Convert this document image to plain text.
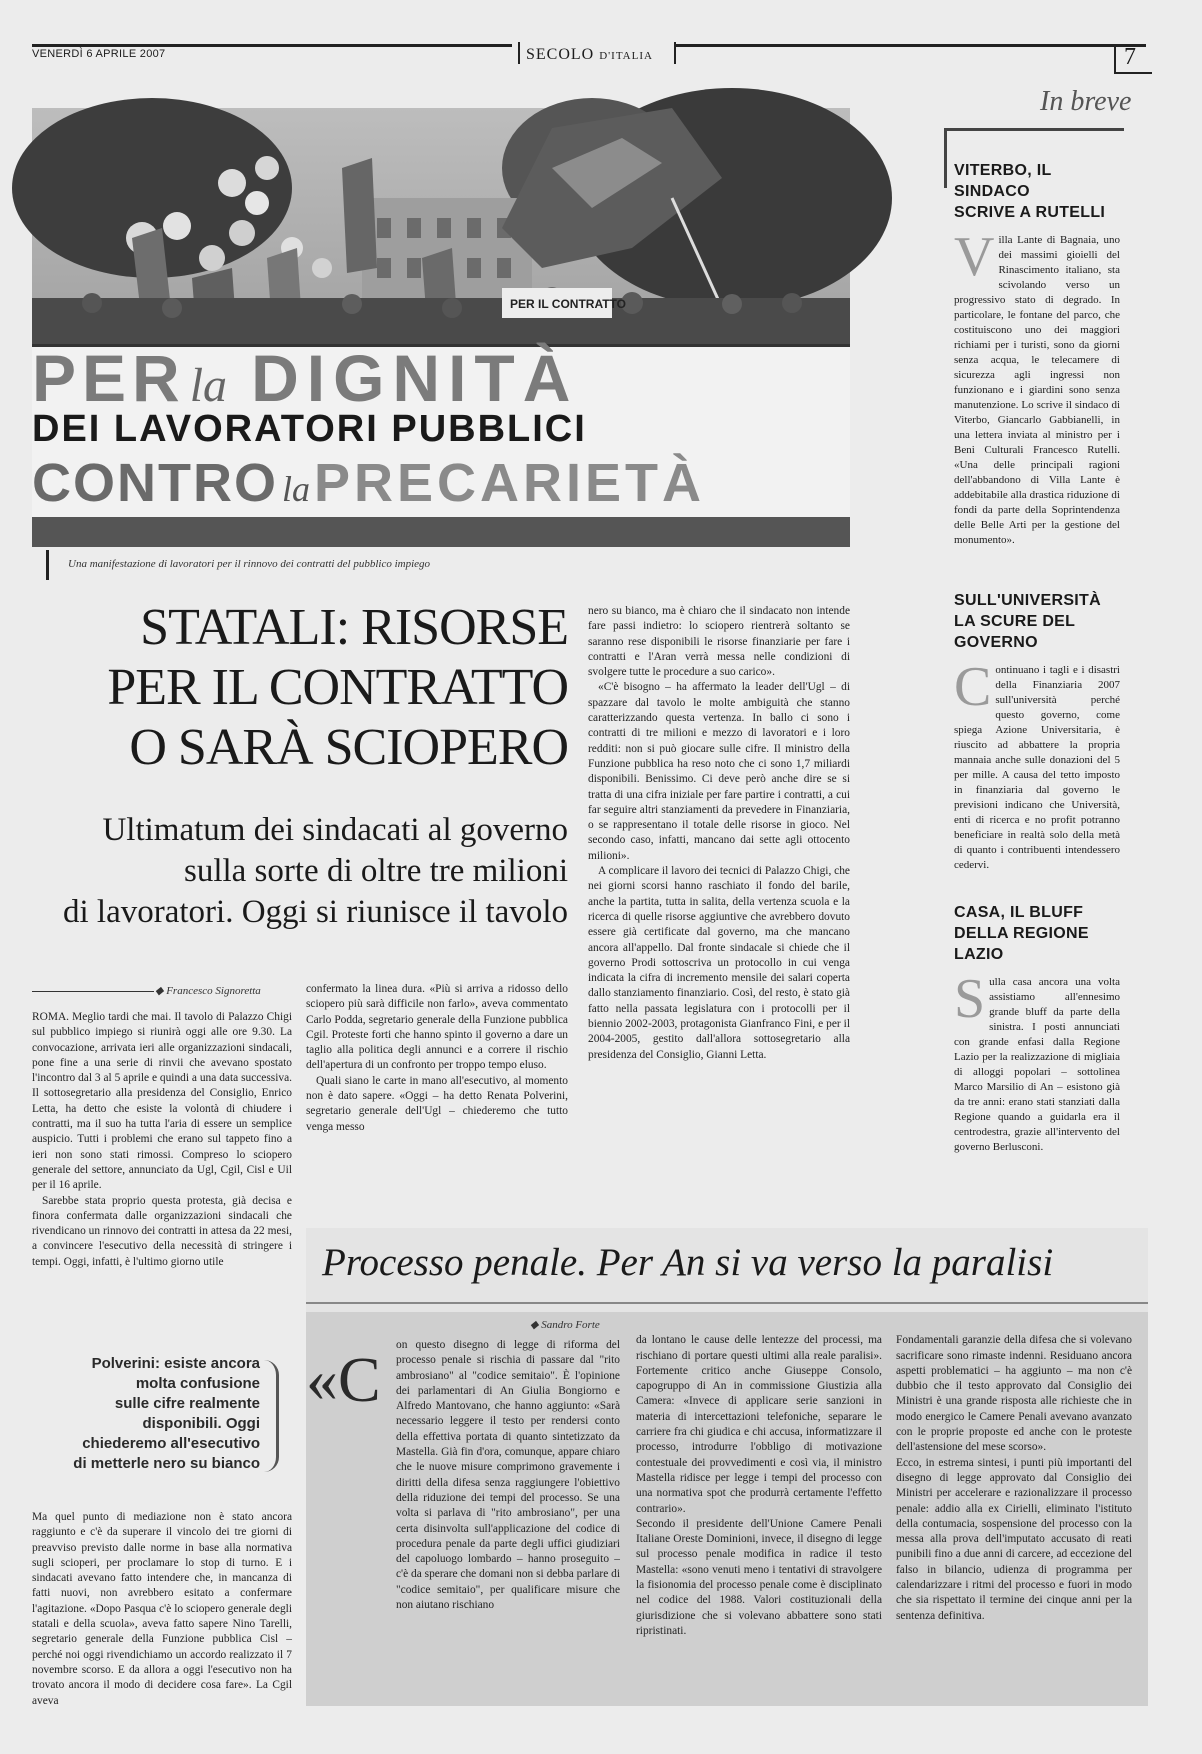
VENERDÌ 6 APRILE 2007	SECOLO D'ITALIA	7
PER IL CONTRATTO
PER la DIGNITÀ
DEI LAVORATORI PUBBLICI
CONTRO la PRECARIETÀ
Una manifestazione di lavoratori per il rinnovo dei contratti del pubblico impiego
STATALI: RISORSE
PER IL CONTRATTO
O SARÀ SCIOPERO
Ultimatum dei sindacati al governo
sulla sorte di oltre tre milioni
di lavoratori. Oggi si riunisce il tavolo
◆ Francesco Signoretta

ROMA. Meglio tardi che mai. Il tavolo di Palazzo Chigi sul pubblico impiego si riunirà oggi alle ore 9.30. La convocazione, arrivata ieri alle organizzazioni sindacali, pone fine a una serie di rinvii che avevano spostato l'incontro dal 3 al 5 aprile e quindi a una data successiva. Il sottosegretario alla presidenza del Consiglio, Enrico Letta, ha detto che esiste la volontà di chiudere i contratti, ma il suo ha tutta l'aria di essere un semplice auspicio. Tutti i problemi che erano sul tappeto fino a ieri non sono stati rimossi. Compreso lo sciopero generale del settore, annunciato da Ugl, Cgil, Cisl e Uil per il 16 aprile.

Sarebbe stata proprio questa protesta, già decisa e finora confermata dalle organizzazioni sindacali che rivendicano un rinnovo dei contratti in attesa da 22 mesi, a convincere l'esecutivo della necessità di stringere i tempi. Oggi, infatti, è l'ultimo giorno utile

confermato la linea dura. «Più si arriva a ridosso dello sciopero più sarà difficile non farlo», aveva commentato Carlo Podda, segretario generale della Funzione pubblica Cgil. Proteste forti che hanno spinto il governo a dare un taglio alla politica degli annunci e a correre il rischio dell'apertura di un confronto per troppo tempo eluso.

Quali siano le carte in mano all'esecutivo, al momento non è dato sapere. «Oggi – ha detto Renata Polverini, segretario generale dell'Ugl – chiederemo che tutto venga messo

nero su bianco, ma è chiaro che il sindacato non intende fare passi indietro: lo sciopero rientrerà soltanto se saranno rese disponibili le risorse finanziarie per fare i contratti e l'Aran verrà messa nelle condizioni di svolgere tutte le procedure a suo carico».

«C'è bisogno – ha affermato la leader dell'Ugl – di spazzare dal tavolo le molte ambiguità che stanno caratterizzando questa vertenza. In ballo ci sono i contratti di tre milioni e mezzo di lavoratori e i loro redditi: non si può giocare sulle cifre. Il ministro della Funzione pubblica ha reso noto che ci sono 1,7 miliardi disponibili. Benissimo. Ci deve però anche dire se si tratta di una cifra iniziale per fare partire i contratti, a cui far seguire altri stanziamenti da prevedere in Finanziaria, o se rappresentano il totale delle risorse in gioco. Nel secondo caso, infatti, mancano dai sette agli ottocento milioni».

A complicare il lavoro dei tecnici di Palazzo Chigi, che nei giorni scorsi hanno raschiato il fondo del barile, anche la partita, tutta in salita, della vertenza scuola e la ricerca di quelle risorse aggiuntive che avrebbero dovuto essere già certificate dal governo, ma che mancano ancora all'appello. Dal fronte sindacale si chiede che il governo Prodi sottoscriva un protocollo in cui venga indicata la cifra di incremento mensile dei salari coperta dallo stanziamento finanziario. Così, del resto, è stato già fatto nella passata legislatura con i protocolli per il biennio 2002-2003, protagonista Gianfranco Fini, e per il 2004-2005, gestito dall'allora sottosegretario alla presidenza del Consiglio, Gianni Letta.

In breve
VITERBO, IL SINDACO
SCRIVE A RUTELLI
Villa Lante di Bagnaia, uno dei massimi gioielli del Rinascimento italiano, sta scivolando verso un progressivo stato di degrado. In particolare, le fontane del parco, che costituiscono uno dei maggiori richiami per i turisti, sono da giorni senza acqua, le telecamere di sicurezza agli ingressi non funzionano e i giardini sono senza manutenzione. Lo scrive il sindaco di Viterbo, Giancarlo Gabbianelli, in una lettera inviata al ministro per i Beni Culturali Francesco Rutelli. «Una delle principali ragioni dell'abbandono di Villa Lante è addebitabile alla drastica riduzione di fondi da parte della Soprintendenza delle Belle Arti per la gestione del monumento».
SULL'UNIVERSITÀ
LA SCURE DEL GOVERNO
Continuano i tagli e i disastri della Finanziaria 2007 sull'università perché questo governo, come spiega Azione Universitaria, è riuscito ad abbattere la propria mannaia anche sulle donazioni del 5 per mille. A causa del tetto imposto in finanziaria dal governo le previsioni indicano che Università, enti di ricerca e no profit potranno beneficiare in realtà solo della metà di quanto i contribuenti intendessero cedervi.
CASA, IL BLUFF
DELLA REGIONE LAZIO
Sulla casa ancora una volta assistiamo all'ennesimo grande bluff da parte della sinistra. I posti annunciati con grande enfasi dalla Regione Lazio per la realizzazione di migliaia di alloggi popolari – sottolinea Marco Marsilio di An – esistono già da tre anni: erano stati stanziati dalla Regione quando a guidarla era il centrodestra, grazie all'intervento del governo Berlusconi.
Polverini: esiste ancora
molta confusione
sulle cifre realmente
disponibili. Oggi
chiederemo all'esecutivo
di metterle nero su bianco

Ma quel punto di mediazione non è stato ancora raggiunto e c'è da superare il vincolo dei tre giorni di preavviso previsto dalle norme in base alla normativa sugli scioperi, per proclamare lo stop di turno. E i sindacati avevano fatto intendere che, in mancanza di fatti nuovi, non avrebbero esitato a confermare l'agitazione. «Dopo Pasqua c'è lo sciopero generale degli statali e della scuola», aveva fatto sapere Nino Tarelli, segretario generale della Funzione pubblica Cisl – perché noi oggi rivendichiamo un accordo realizzato il 7 novembre scorso. E da allora a oggi l'esecutivo non ha trovato ancora il modo di decidere cosa fare». La Cgil aveva

Processo penale. Per An si va verso la paralisi
◆ Sandro Forte
«C on questo disegno di legge di riforma del processo penale si rischia di passare dal "rito ambrosiano" al "codice semitaio". È l'opinione dei parlamentari di An Giulia Bongiorno e Alfredo Mantovano, che hanno aggiunto: «Sarà necessario leggere il testo per rendersi conto della effettiva portata di quanto sintetizzato da Mastella. Già fin d'ora, comunque, appare chiaro che le nuove misure comprimono gravemente i diritti della difesa senza raggiungere l'obiettivo della riduzione dei tempi del processo. Se una volta si parlava di "rito ambrosiano", per una certa disinvolta sull'applicazione del codice di procedura penale da parte degli uffici giudiziari del capoluogo lombardo – hanno proseguito – c'è da sperare che domani non si debba parlare di "codice semitaio", per qualificare misure che non aiutano rischiano

da lontano le cause delle lentezze del processi, ma rischiano di portare questi ultimi alla reale paralisi». Fortemente critico anche Giuseppe Consolo, capogruppo di An in commissione Giustizia alla Camera: «Invece di applicare serie sanzioni in materia di intercettazioni telefoniche, separare le carriere fra chi giudica e chi accusa, informatizzare il processo, introdurre l'obbligo di motivazione contestuale dei provvedimenti e così via, il ministro Mastella ridisce per legge i tempi del processo con una normativa spot che produrrà certamente l'effetto contrario».
Secondo il presidente dell'Unione Camere Penali Italiane Oreste Dominioni, invece, il disegno di legge sul processo penale modifica in radice il testo Mastella: «sono venuti meno i tentativi di stravolgere la fisionomia del processo penale come è disciplinato nel codice del 1988. Valori costituzionali della giurisdizione che si volevano abbattere sono stati ripristinati.

Fondamentali garanzie della difesa che si volevano sacrificare sono rimaste indenni. Residuano ancora aspetti problematici – ha aggiunto – ma non c'è dubbio che il testo approvato dal Consiglio dei Ministri è una grande risposta alle richieste che in modo energico le Camere Penali avevano avanzato con le proprie proposte ed anche con le proteste dell'astensione del mese scorso».
Ecco, in estrema sintesi, i punti più importanti del disegno di legge approvato dal Consiglio dei Ministri per accelerare e razionalizzare il processo penale: addio alla ex Cirielli, eliminato l'istituto della contumacia, sospensione del processo con la messa alla prova dell'imputato accusato di reati punibili fino a due anni di carcere, ad eccezione del falso in bilancio, udienza di programma per calendarizzare i ritmi del processo e fuori in modo che sia rispettato il termine dei cinque anni per la sentenza definitiva.
